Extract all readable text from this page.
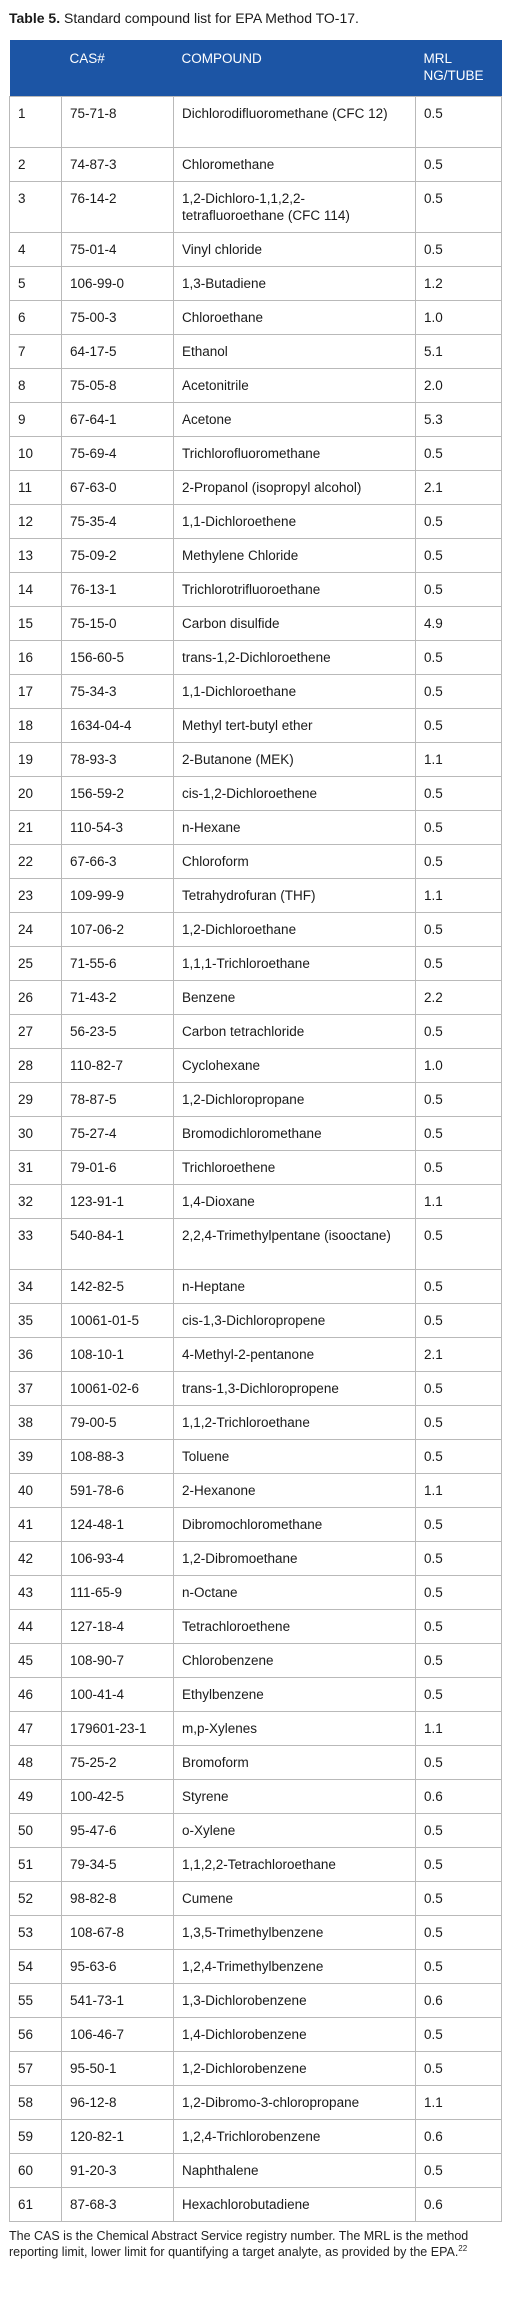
Table 5. Standard compound list for EPA Method TO-17.
	CAS#	COMPOUND	MRL
NG/TUBE
1	75-71-8	Dichlorodifluoromethane (CFC 12)	0.5
2	74-87-3	Chloromethane	0.5
3	76-14-2	1,2-Dichloro-1,1,2,2-tetrafluoroethane (CFC 114)	0.5
4	75-01-4	Vinyl chloride	0.5
5	106-99-0	1,3-Butadiene	1.2
6	75-00-3	Chloroethane	1.0
7	64-17-5	Ethanol	5.1
8	75-05-8	Acetonitrile	2.0
9	67-64-1	Acetone	5.3
10	75-69-4	Trichlorofluoromethane	0.5
11	67-63-0	2-Propanol (isopropyl alcohol)	2.1
12	75-35-4	1,1-Dichloroethene	0.5
13	75-09-2	Methylene Chloride	0.5
14	76-13-1	Trichlorotrifluoroethane	0.5
15	75-15-0	Carbon disulfide	4.9
16	156-60-5	trans-1,2-Dichloroethene	0.5
17	75-34-3	1,1-Dichloroethane	0.5
18	1634-04-4	Methyl tert-butyl ether	0.5
19	78-93-3	2-Butanone (MEK)	1.1
20	156-59-2	cis-1,2-Dichloroethene	0.5
21	110-54-3	n-Hexane	0.5
22	67-66-3	Chloroform	0.5
23	109-99-9	Tetrahydrofuran (THF)	1.1
24	107-06-2	1,2-Dichloroethane	0.5
25	71-55-6	1,1,1-Trichloroethane	0.5
26	71-43-2	Benzene	2.2
27	56-23-5	Carbon tetrachloride	0.5
28	110-82-7	Cyclohexane	1.0
29	78-87-5	1,2-Dichloropropane	0.5
30	75-27-4	Bromodichloromethane	0.5
31	79-01-6	Trichloroethene	0.5
32	123-91-1	1,4-Dioxane	1.1
33	540-84-1	2,2,4-Trimethylpentane (isooctane)	0.5
34	142-82-5	n-Heptane	0.5
35	10061-01-5	cis-1,3-Dichloropropene	0.5
36	108-10-1	4-Methyl-2-pentanone	2.1
37	10061-02-6	trans-1,3-Dichloropropene	0.5
38	79-00-5	1,1,2-Trichloroethane	0.5
39	108-88-3	Toluene	0.5
40	591-78-6	2-Hexanone	1.1
41	124-48-1	Dibromochloromethane	0.5
42	106-93-4	1,2-Dibromoethane	0.5
43	111-65-9	n-Octane	0.5
44	127-18-4	Tetrachloroethene	0.5
45	108-90-7	Chlorobenzene	0.5
46	100-41-4	Ethylbenzene	0.5
47	179601-23-1	m,p-Xylenes	1.1
48	75-25-2	Bromoform	0.5
49	100-42-5	Styrene	0.6
50	95-47-6	o-Xylene	0.5
51	79-34-5	1,1,2,2-Tetrachloroethane	0.5
52	98-82-8	Cumene	0.5
53	108-67-8	1,3,5-Trimethylbenzene	0.5
54	95-63-6	1,2,4-Trimethylbenzene	0.5
55	541-73-1	1,3-Dichlorobenzene	0.6
56	106-46-7	1,4-Dichlorobenzene	0.5
57	95-50-1	1,2-Dichlorobenzene	0.5
58	96-12-8	1,2-Dibromo-3-chloropropane	1.1
59	120-82-1	1,2,4-Trichlorobenzene	0.6
60	91-20-3	Naphthalene	0.5
61	87-68-3	Hexachlorobutadiene	0.6
The CAS is the Chemical Abstract Service registry number. The MRL is the method reporting limit, lower limit for quantifying a target analyte, as provided by the EPA.$^{22}$
